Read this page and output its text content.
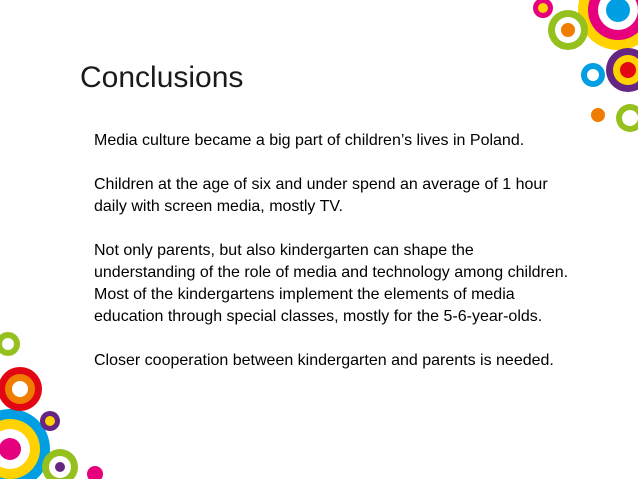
Conclusions

Media culture became a big part of children’s lives in Poland.

Children at the age of six and under spend an average of 1 hour daily with screen media, mostly TV.

Not only parents, but also kindergarten can shape the understanding of the role of media and technology among children. Most of the kindergartens implement the elements of media education through special classes, mostly for the 5-6-year-olds.

Closer cooperation between kindergarten and parents is needed.
